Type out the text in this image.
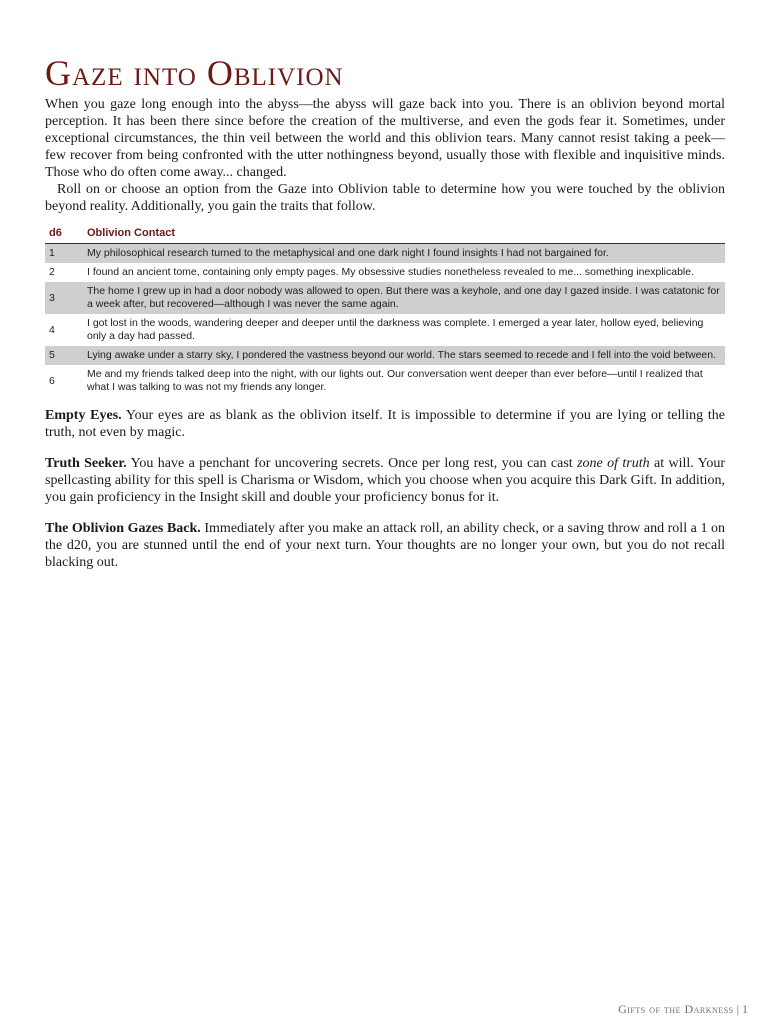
Gaze into Oblivion

When you gaze long enough into the abyss—the abyss will gaze back into you. There is an oblivion beyond mortal perception. It has been there since before the creation of the multiverse, and even the gods fear it. Sometimes, under exceptional circumstances, the thin veil between the world and this oblivion tears. Many cannot resist taking a peek—few recover from being confronted with the utter nothingness beyond, usually those with flexible and inquisitive minds. Those who do often come away... changed.

Roll on or choose an option from the Gaze into Oblivion table to determine how you were touched by the oblivion beyond reality. Additionally, you gain the traits that follow.

d6	Oblivion Contact
1	My philosophical research turned to the metaphysical and one dark night I found insights I had not bargained for.
2	I found an ancient tome, containing only empty pages. My obsessive studies nonetheless revealed to me... something inexplicable.
3	The home I grew up in had a door nobody was allowed to open. But there was a keyhole, and one day I gazed inside. I was catatonic for a week after, but recovered—although I was never the same again.
4	I got lost in the woods, wandering deeper and deeper until the darkness was complete. I emerged a year later, hollow eyed, believing only a day had passed.
5	Lying awake under a starry sky, I pondered the vastness beyond our world. The stars seemed to recede and I fell into the void between.
6	Me and my friends talked deep into the night, with our lights out. Our conversation went deeper than ever before—until I realized that what I was talking to was not my friends any longer.

Empty Eyes. Your eyes are as blank as the oblivion itself. It is impossible to determine if you are lying or telling the truth, not even by magic.

Truth Seeker. You have a penchant for uncovering secrets. Once per long rest, you can cast zone of truth at will. Your spellcasting ability for this spell is Charisma or Wisdom, which you choose when you acquire this Dark Gift. In addition, you gain proficiency in the Insight skill and double your proficiency bonus for it.

The Oblivion Gazes Back. Immediately after you make an attack roll, an ability check, or a saving throw and roll a 1 on the d20, you are stunned until the end of your next turn. Your thoughts are no longer your own, but you do not recall blacking out.

Gifts of the Darkness | 1
